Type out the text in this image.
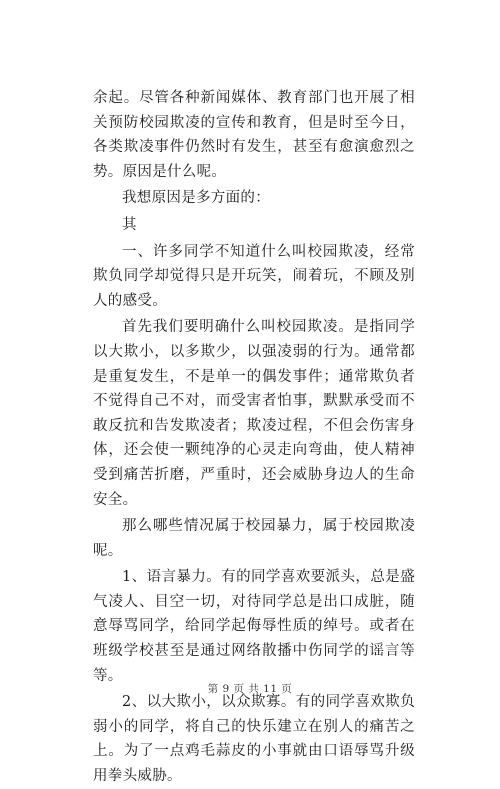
余起。尽管各种新闻媒体、教育部门也开展了相关预防校园欺凌的宣传和教育，但是时至今日，各类欺凌事件仍然时有发生，甚至有愈演愈烈之势。原因是什么呢。

我想原因是多方面的：

其

一、许多同学不知道什么叫校园欺凌，经常欺负同学却觉得只是开玩笑，闹着玩，不顾及别人的感受。

首先我们要明确什么叫校园欺凌。是指同学以大欺小，以多欺少，以强凌弱的行为。通常都是重复发生，不是单一的偶发事件；通常欺负者不觉得自己不对，而受害者怕事，默默承受而不敢反抗和告发欺凌者；欺凌过程，不但会伤害身体，还会使一颗纯净的心灵走向弯曲，使人精神受到痛苦折磨，严重时，还会威胁身边人的生命安全。

那么哪些情况属于校园暴力，属于校园欺凌呢。

1、语言暴力。有的同学喜欢要派头，总是盛气凌人、目空一切，对待同学总是出口成脏，随意辱骂同学，给同学起侮辱性质的绰号。或者在班级学校甚至是通过网络散播中伤同学的谣言等等。

2、以大欺小，以众欺寡。有的同学喜欢欺负弱小的同学，将自己的快乐建立在别人的痛苦之上。为了一点鸡毛蒜皮的小事就由口语辱骂升级用拳头威胁。

第 9 页 共 11 页
